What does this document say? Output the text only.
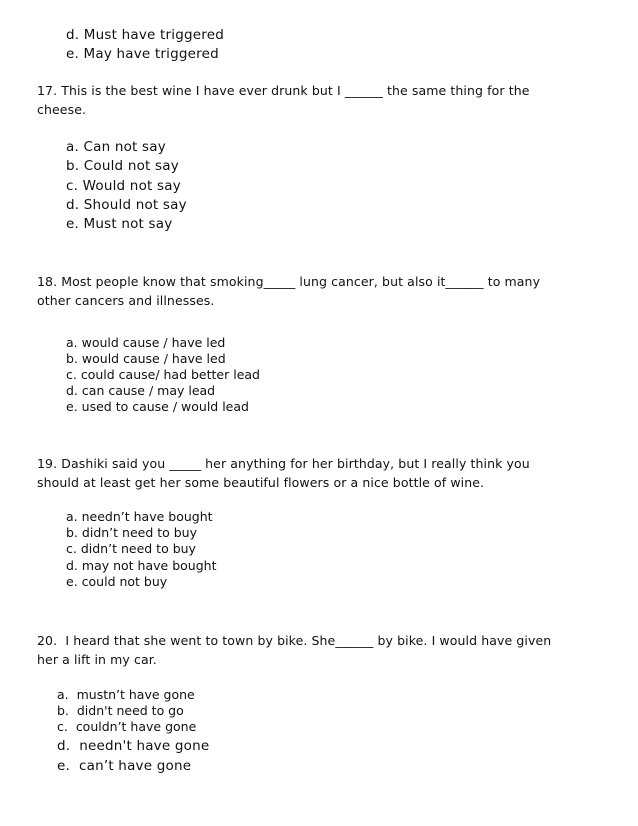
d. Must have triggered
e. May have triggered
17. This is the best wine I have ever drunk but I ______ the same thing for the
cheese.
a. Can not say
b. Could not say
c. Would not say
d. Should not say
e. Must not say
18. Most people know that smoking_____ lung cancer, but also it______ to many
other cancers and illnesses.
a. would cause / have led
b. would cause / have led
c. could cause/ had better lead
d. can cause / may lead
e. used to cause / would lead
19. Dashiki said you _____ her anything for her birthday, but I really think you
should at least get her some beautiful flowers or a nice bottle of wine.
a. needn’t have bought
b. didn’t need to buy
c. didn’t need to buy
d. may not have bought
e. could not buy
20. I heard that she went to town by bike. She______ by bike. I would have given
her a lift in my car.
a. mustn’t have gone
b. didn't need to go
c. couldn’t have gone
d. needn't have gone
e. can’t have gone
